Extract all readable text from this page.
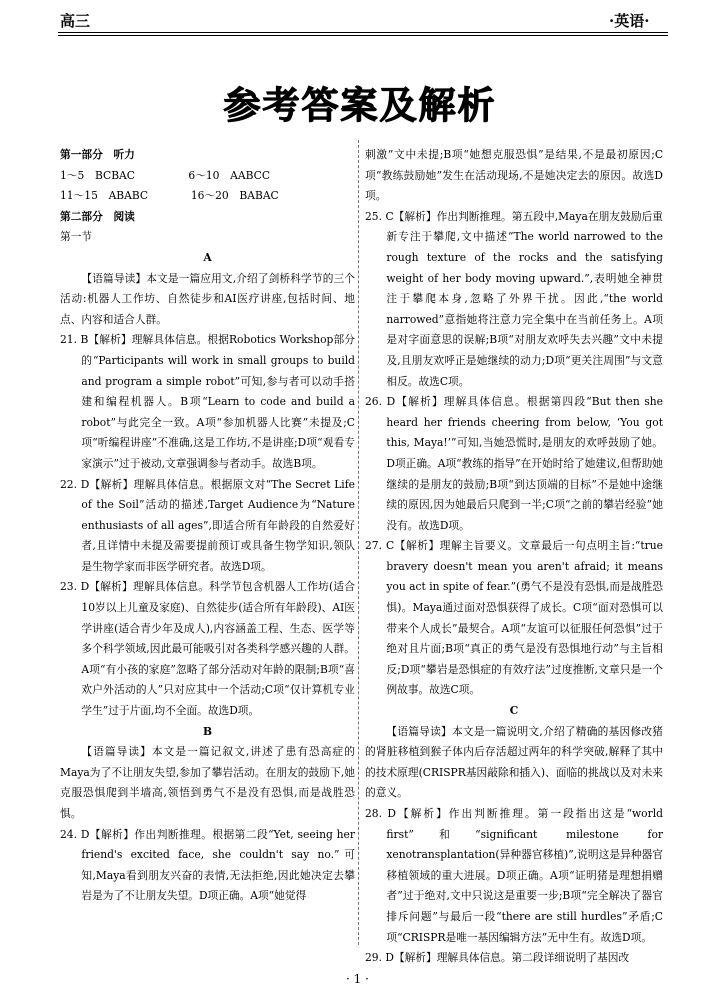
高三	·英语·
参考答案及解析

第一部分　听力

1～5　BCBAC　　　　　6～10　AABCC

11～15　ABABC　　　　16～20　BABAC

第二部分　阅读

第一节

A

【语篇导读】本文是一篇应用文,介绍了剑桥科学节的三个活动:机器人工作坊、自然徒步和AI医疗讲座,包括时间、地点、内容和适合人群。

21. B【解析】理解具体信息。根据Robotics Workshop部分的“Participants will work in small groups to build and program a simple robot”可知,参与者可以动手搭建和编程机器人。B项“Learn to code and build a robot”与此完全一致。A项“参加机器人比赛”未提及;C项“听编程讲座”不准确,这是工作坊,不是讲座;D项“观看专家演示”过于被动,文章强调参与者动手。故选B项。

22. D【解析】理解具体信息。根据原文对“The Secret Life of the Soil”活动的描述,Target Audience为“Nature enthusiasts of all ages”,即适合所有年龄段的自然爱好者,且详情中未提及需要提前预订或具备生物学知识,领队是生物学家而非医学研究者。故选D项。

23. D【解析】理解具体信息。科学节包含机器人工作坊(适合10岁以上儿童及家庭)、自然徒步(适合所有年龄段)、AI医学讲座(适合青少年及成人),内容涵盖工程、生态、医学等多个科学领域,因此最可能吸引对各类科学感兴趣的人群。A项“有小孩的家庭”忽略了部分活动对年龄的限制;B项“喜欢户外活动的人”只对应其中一个活动;C项“仅计算机专业学生”过于片面,均不全面。故选D项。

B

【语篇导读】本文是一篇记叙文,讲述了患有恐高症的Maya为了不让朋友失望,参加了攀岩活动。在朋友的鼓励下,她克服恐惧爬到半墙高,领悟到勇气不是没有恐惧,而是战胜恐惧。

24. D【解析】作出判断推理。根据第二段“Yet, seeing her friend's excited face, she couldn't say no.”可知,Maya看到朋友兴奋的表情,无法拒绝,因此她决定去攀岩是为了不让朋友失望。D项正确。A项“她觉得

刺激”文中未提;B项“她想克服恐惧”是结果,不是最初原因;C项“教练鼓励她”发生在活动现场,不是她决定去的原因。故选D项。

25. C【解析】作出判断推理。第五段中,Maya在朋友鼓励后重新专注于攀爬,文中描述“The world narrowed to the rough texture of the rocks and the satisfying weight of her body moving upward.”,表明她全神贯注于攀爬本身,忽略了外界干扰。因此,“the world narrowed”意指她将注意力完全集中在当前任务上。A项是对字面意思的误解;B项“对朋友欢呼失去兴趣”文中未提及,且朋友欢呼正是她继续的动力;D项“更关注周围”与文意相反。故选C项。

26. D【解析】理解具体信息。根据第四段“But then she heard her friends cheering from below, ‘You got this, Maya!’”可知,当她恐慌时,是朋友的欢呼鼓励了她。D项正确。A项“教练的指导”在开始时给了她建议,但帮助她继续的是朋友的鼓励;B项“到达顶端的目标”不是她中途继续的原因,因为她最后只爬到一半;C项“之前的攀岩经验”她没有。故选D项。

27. C【解析】理解主旨要义。文章最后一句点明主旨:“true bravery doesn't mean you aren't afraid; it means you act in spite of fear.”(勇气不是没有恐惧,而是战胜恐惧)。Maya通过面对恐惧获得了成长。C项“面对恐惧可以带来个人成长”最契合。A项“友谊可以征服任何恐惧”过于绝对且片面;B项“真正的勇气是没有恐惧地行动”与主旨相反;D项“攀岩是恐惧症的有效疗法”过度推断,文章只是一个例故事。故选C项。

C

【语篇导读】本文是一篇说明文,介绍了精确的基因修改猪的肾脏移植到猴子体内后存活超过两年的科学突破,解释了其中的技术原理(CRISPR基因敲除和插入)、面临的挑战以及对未来的意义。

28. D【解析】作出判断推理。第一段指出这是“world first”和“significant milestone for xenotransplantation(异种器官移植)”,说明这是异种器官移植领域的重大进展。D项正确。A项“证明猪是理想捐赠者”过于绝对,文中只说这是重要一步;B项“完全解决了器官排斥问题”与最后一段“there are still hurdles”矛盾;C项“CRISPR是唯一基因编辑方法”无中生有。故选D项。

29. D【解析】理解具体信息。第二段详细说明了基因改

· 1 ·
